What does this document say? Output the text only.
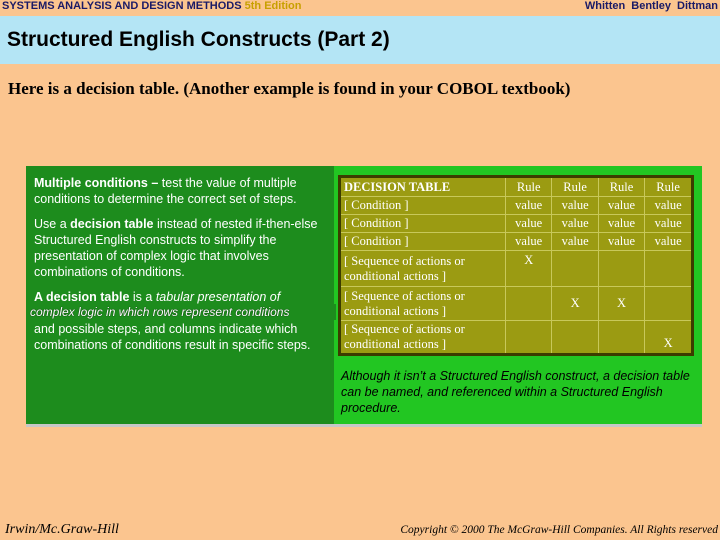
SYSTEMS ANALYSIS AND DESIGN METHODS 5th Edition	Whitten Bentley Dittman
Structured English Constructs (Part 2)
Here is a decision table. (Another example is found in your COBOL textbook)
Multiple conditions – test the value of multiple conditions to determine the correct set of steps.
Use a decision table instead of nested if-then-else Structured English constructs to simplify the presentation of complex logic that involves combinations of conditions.
A decision table is a tabular presentation of
complex logic in which rows represent conditions
and possible steps, and columns indicate which combinations of conditions result in specific steps.
DECISION TABLE	Rule	Rule	Rule	Rule
[ Condition ]	value	value	value	value
[ Condition ]	value	value	value	value
[ Condition ]	value	value	value	value
[ Sequence of actions or conditional actions ]	X			
[ Sequence of actions or conditional actions ]		X	X	
[ Sequence of actions or conditional actions ]				X
Although it isn’t a Structured English construct, a decision table can be named, and referenced within a Structured English procedure.
Irwin/Mc.Graw-Hill	Copyright © 2000 The McGraw-Hill Companies. All Rights reserved
